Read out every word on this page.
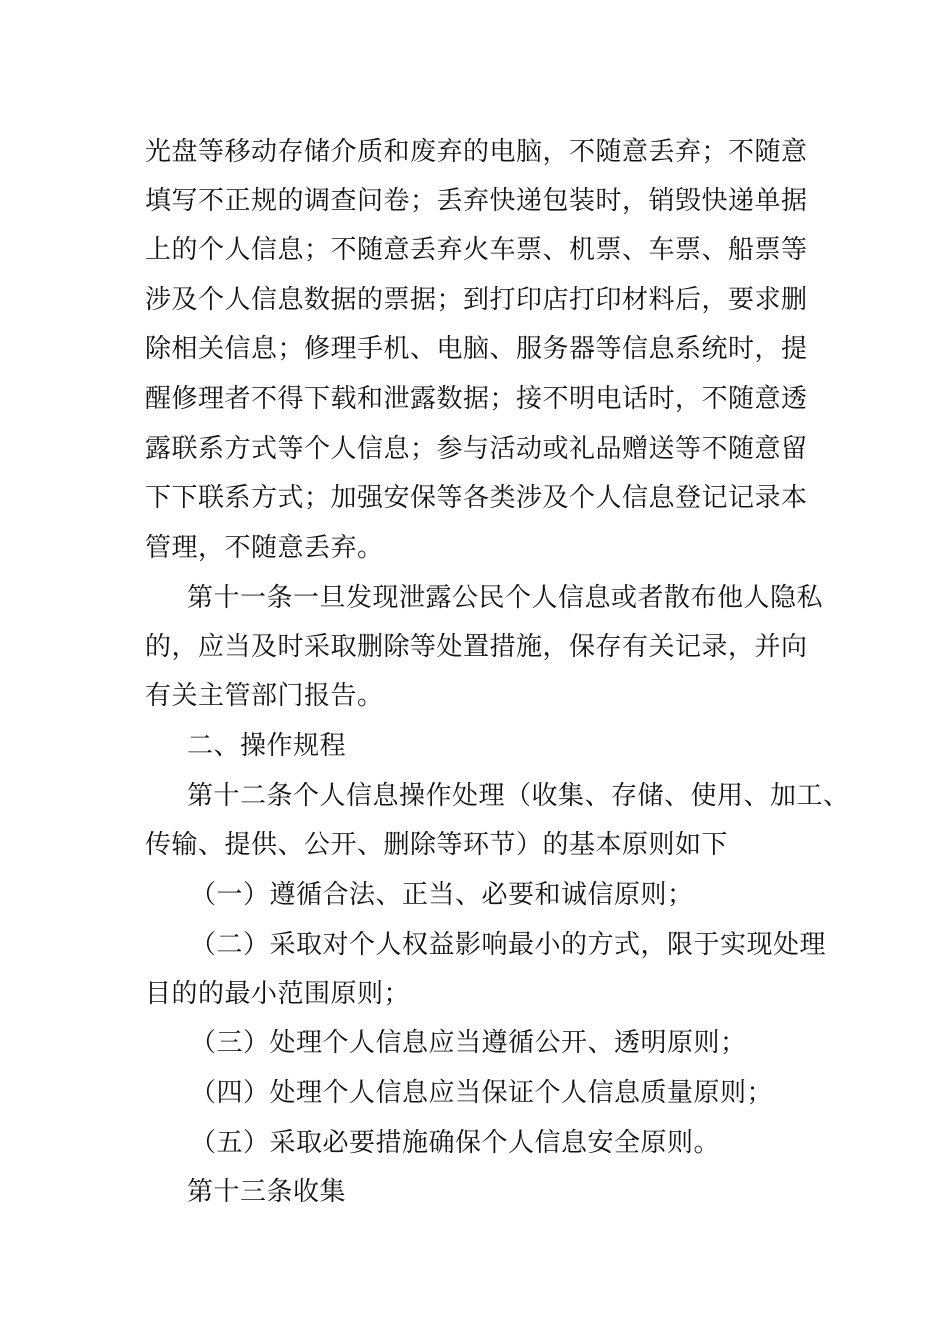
光盘等移动存储介质和废弃的电脑，不随意丢弃；不随意
填写不正规的调查问卷；丢弃快递包装时，销毁快递单据
上的个人信息；不随意丢弃火车票、机票、车票、船票等
涉及个人信息数据的票据；到打印店打印材料后，要求删
除相关信息；修理手机、电脑、服务器等信息系统时，提
醒修理者不得下载和泄露数据；接不明电话时，不随意透
露联系方式等个人信息；参与活动或礼品赠送等不随意留
下下联系方式；加强安保等各类涉及个人信息登记记录本
管理，不随意丢弃。
第十一条一旦发现泄露公民个人信息或者散布他人隐私
的，应当及时采取删除等处置措施，保存有关记录，并向
有关主管部门报告。
二、操作规程
第十二条个人信息操作处理（收集、存储、使用、加工、
传输、提供、公开、删除等环节）的基本原则如下
（一）遵循合法、正当、必要和诚信原则；
（二）采取对个人权益影响最小的方式，限于实现处理
目的的最小范围原则；
（三）处理个人信息应当遵循公开、透明原则；
（四）处理个人信息应当保证个人信息质量原则；
（五）采取必要措施确保个人信息安全原则。
第十三条收集
